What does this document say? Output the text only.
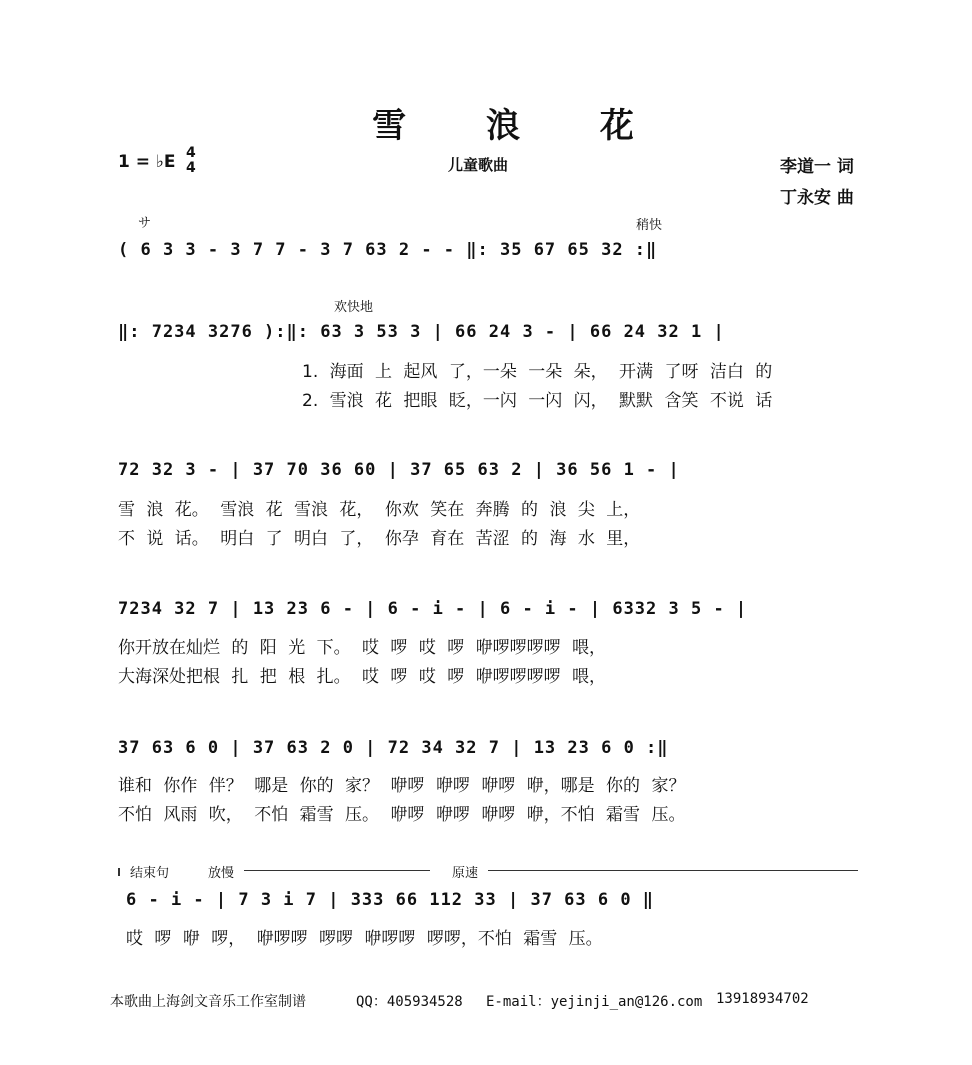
雪 浪 花
1 = ♭E 4
4	儿童歌曲	李道一 词
丁永安 曲
サ	稍快
( 6 3 3 - 3 7 7 - 3 7 63 2 - - ‖: 35 67 65 32 :‖
欢快地
‖: 7234 3276 ):‖: 63 3 53 3 | 66 24 3 - | 66 24 32 1 |
1. 海面 上 起风 了，一朵 一朵 朵， 开满 了呀 洁白 的
2. 雪浪 花 把眼 眨，一闪 一闪 闪， 默默 含笑 不说 话
72 32 3 - | 37 70 36 60 | 37 65 63 2 | 36 56 1 - |
雪 浪 花。 雪浪 花 雪浪 花， 你欢 笑在 奔腾 的 浪 尖 上，
不 说 话。 明白 了 明白 了， 你孕 育在 苦涩 的 海 水 里，
7234 32 7 | 13 23 6 - | 6 - i - | 6 - i - | 6332 3 5 - |
你开放在灿烂 的 阳 光 下。 哎 啰 哎 啰 咿啰啰啰啰 喂，
大海深处把根 扎 把 根 扎。 哎 啰 哎 啰 咿啰啰啰啰 喂，
37 63 6 0 | 37 63 2 0 | 72 34 32 7 | 13 23 6 0 :‖
谁和 你作 伴？ 哪是 你的 家？ 咿啰 咿啰 咿啰 咿，哪是 你的 家？
不怕 风雨 吹， 不怕 霜雪 压。 咿啰 咿啰 咿啰 咿，不怕 霜雪 压。
结束句	放慢	原速
6 - i - | 7 3 i 7 | 333 66 112 33 | 37 63 6 0 ‖
哎 啰 咿 啰， 咿啰啰 啰啰 咿啰啰 啰啰，不怕 霜雪 压。
本歌曲上海剑文音乐工作室制谱	QQ：405934528 E-mail：yejinji_an@126.com 13918934702
